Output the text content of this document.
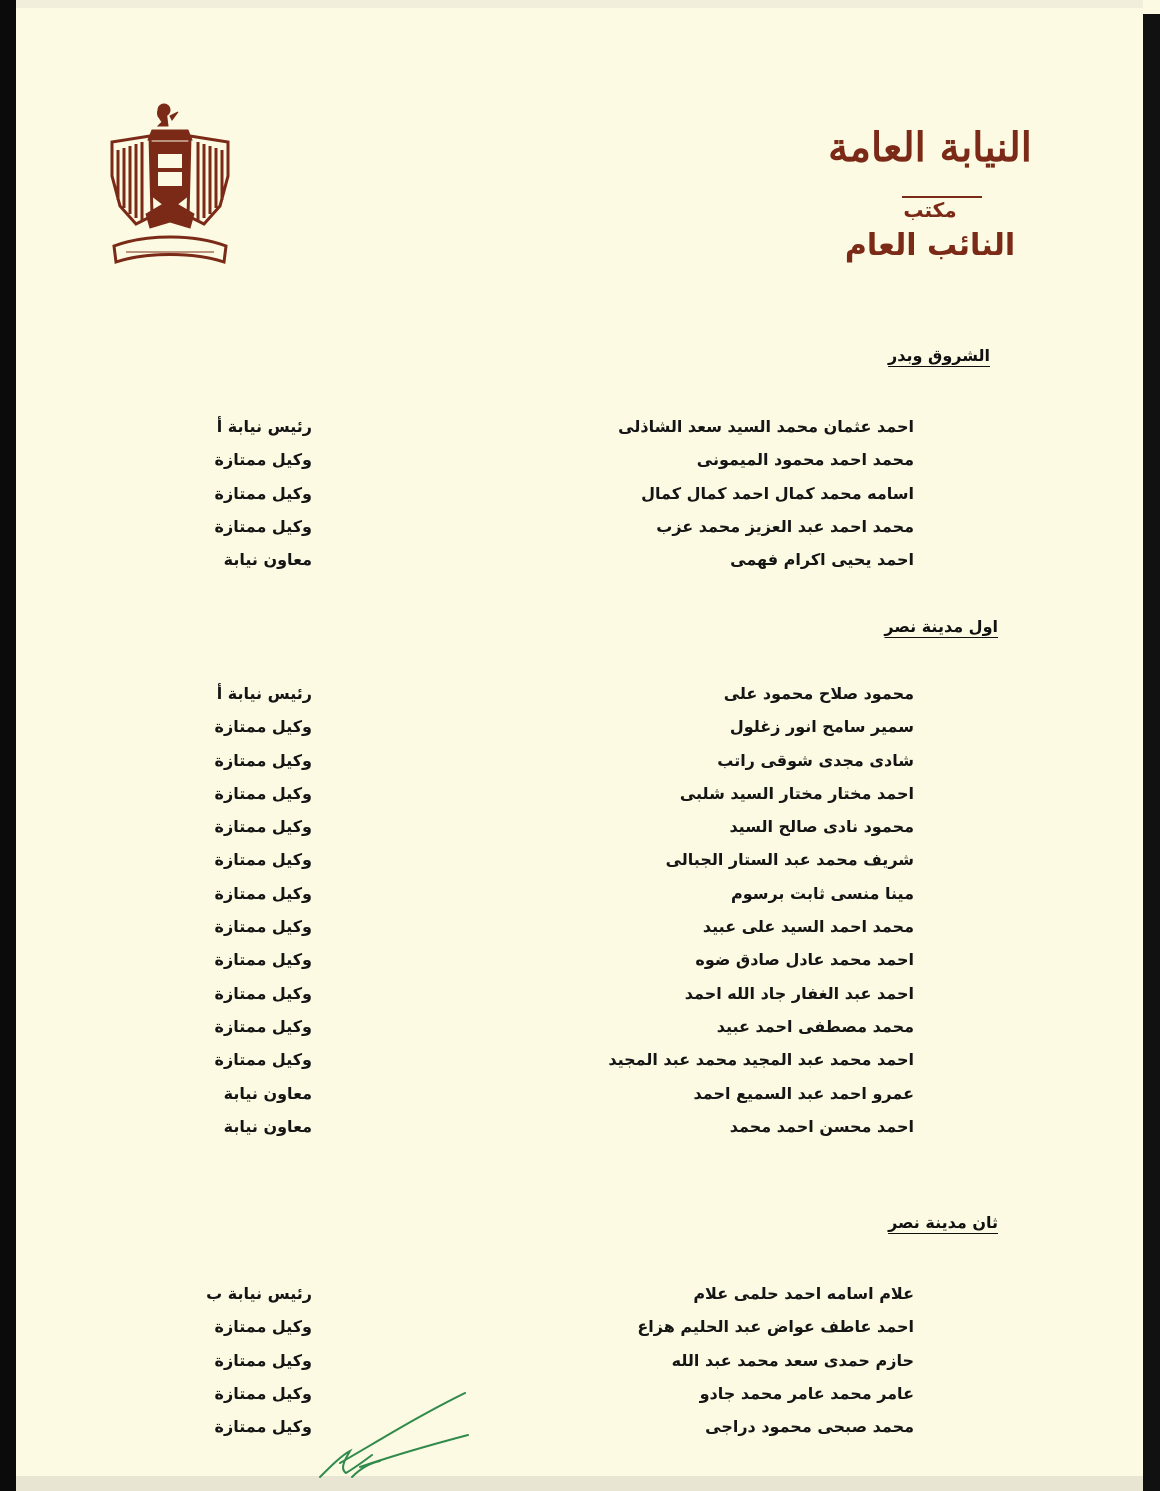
النيابة العامة
مكتب
النائب العام
الشروق وبدر
احمد عثمان محمد السيد سعد الشاذلى
محمد احمد محمود الميمونى
اسامه محمد كمال احمد كمال كمال
محمد احمد عبد العزيز محمد عزب
احمد يحيى اكرام فهمى
رئيس نيابة أ
وكيل ممتازة
وكيل ممتازة
وكيل ممتازة
معاون نيابة
اول مدينة نصر
محمود صلاح محمود على
سمير سامح انور زغلول
شادى مجدى شوقى راتب
احمد مختار مختار السيد شلبى
محمود نادى صالح السيد
شريف محمد عبد الستار الجبالى
مينا منسى ثابت برسوم
محمد احمد السيد على عبيد
احمد محمد عادل صادق ضوه
احمد عبد الغفار جاد الله احمد
محمد مصطفى احمد عبيد
احمد محمد عبد المجيد محمد عبد المجيد
عمرو احمد عبد السميع احمد
احمد محسن احمد محمد
رئيس نيابة أ
وكيل ممتازة
وكيل ممتازة
وكيل ممتازة
وكيل ممتازة
وكيل ممتازة
وكيل ممتازة
وكيل ممتازة
وكيل ممتازة
وكيل ممتازة
وكيل ممتازة
وكيل ممتازة
معاون نيابة
معاون نيابة
ثان مدينة نصر
علام اسامه احمد حلمى علام
احمد عاطف عواض عبد الحليم هزاع
حازم حمدى سعد محمد عبد الله
عامر محمد عامر محمد جادو
محمد صبحى محمود دراجى
رئيس نيابة ب
وكيل ممتازة
وكيل ممتازة
وكيل ممتازة
وكيل ممتازة
